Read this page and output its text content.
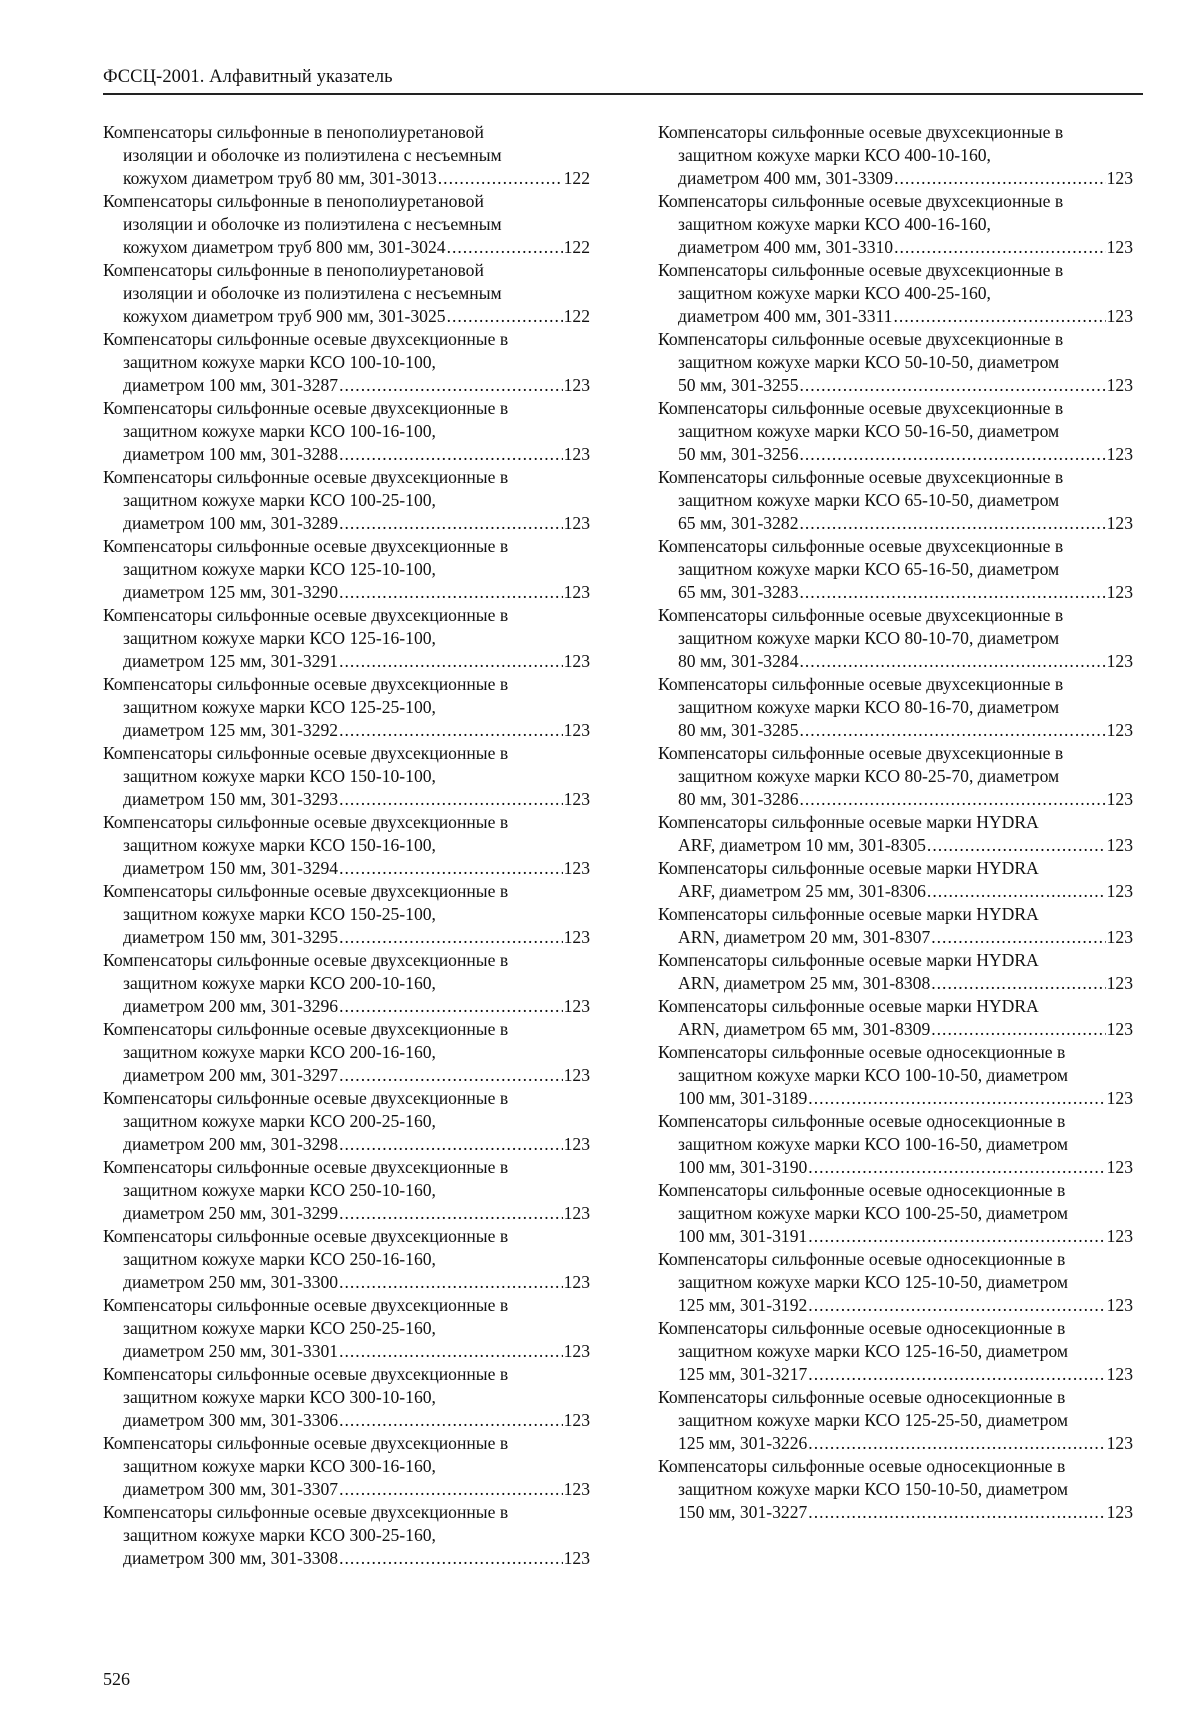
ФССЦ-2001. Алфавитный указатель
Компенсаторы сильфонные в пенополиуретановой
изоляции и оболочке из полиэтилена с несъемным
кожухом диаметром труб 80 мм, 301-3013 .....	122
Компенсаторы сильфонные в пенополиуретановой
изоляции и оболочке из полиэтилена с несъемным
кожухом диаметром труб 800 мм, 301-3024 .....	122
Компенсаторы сильфонные в пенополиуретановой
изоляции и оболочке из полиэтилена с несъемным
кожухом диаметром труб 900 мм, 301-3025 .....	122
Компенсаторы сильфонные осевые двухсекционные в
защитном кожухе марки КСО 100-10-100,
диаметром 100 мм, 301-3287 .....	123
Компенсаторы сильфонные осевые двухсекционные в
защитном кожухе марки КСО 100-16-100,
диаметром 100 мм, 301-3288 .....	123
Компенсаторы сильфонные осевые двухсекционные в
защитном кожухе марки КСО 100-25-100,
диаметром 100 мм, 301-3289 .....	123
Компенсаторы сильфонные осевые двухсекционные в
защитном кожухе марки КСО 125-10-100,
диаметром 125 мм, 301-3290 .....	123
Компенсаторы сильфонные осевые двухсекционные в
защитном кожухе марки КСО 125-16-100,
диаметром 125 мм, 301-3291 .....	123
Компенсаторы сильфонные осевые двухсекционные в
защитном кожухе марки КСО 125-25-100,
диаметром 125 мм, 301-3292 .....	123
Компенсаторы сильфонные осевые двухсекционные в
защитном кожухе марки КСО 150-10-100,
диаметром 150 мм, 301-3293 .....	123
Компенсаторы сильфонные осевые двухсекционные в
защитном кожухе марки КСО 150-16-100,
диаметром 150 мм, 301-3294 .....	123
Компенсаторы сильфонные осевые двухсекционные в
защитном кожухе марки КСО 150-25-100,
диаметром 150 мм, 301-3295 .....	123
Компенсаторы сильфонные осевые двухсекционные в
защитном кожухе марки КСО 200-10-160,
диаметром 200 мм, 301-3296 .....	123
Компенсаторы сильфонные осевые двухсекционные в
защитном кожухе марки КСО 200-16-160,
диаметром 200 мм, 301-3297 .....	123
Компенсаторы сильфонные осевые двухсекционные в
защитном кожухе марки КСО 200-25-160,
диаметром 200 мм, 301-3298 .....	123
Компенсаторы сильфонные осевые двухсекционные в
защитном кожухе марки КСО 250-10-160,
диаметром 250 мм, 301-3299 .....	123
Компенсаторы сильфонные осевые двухсекционные в
защитном кожухе марки КСО 250-16-160,
диаметром 250 мм, 301-3300 .....	123
Компенсаторы сильфонные осевые двухсекционные в
защитном кожухе марки КСО 250-25-160,
диаметром 250 мм, 301-3301 .....	123
Компенсаторы сильфонные осевые двухсекционные в
защитном кожухе марки КСО 300-10-160,
диаметром 300 мм, 301-3306 .....	123
Компенсаторы сильфонные осевые двухсекционные в
защитном кожухе марки КСО 300-16-160,
диаметром 300 мм, 301-3307 .....	123
Компенсаторы сильфонные осевые двухсекционные в
защитном кожухе марки КСО 300-25-160,
диаметром 300 мм, 301-3308 .....	123
Компенсаторы сильфонные осевые двухсекционные в
защитном кожухе марки КСО 400-10-160,
диаметром 400 мм, 301-3309 .....	123
Компенсаторы сильфонные осевые двухсекционные в
защитном кожухе марки КСО 400-16-160,
диаметром 400 мм, 301-3310 .....	123
Компенсаторы сильфонные осевые двухсекционные в
защитном кожухе марки КСО 400-25-160,
диаметром 400 мм, 301-3311 .....	123
Компенсаторы сильфонные осевые двухсекционные в
защитном кожухе марки КСО 50-10-50, диаметром
50 мм, 301-3255 .....	123
Компенсаторы сильфонные осевые двухсекционные в
защитном кожухе марки КСО 50-16-50, диаметром
50 мм, 301-3256 .....	123
Компенсаторы сильфонные осевые двухсекционные в
защитном кожухе марки КСО 65-10-50, диаметром
65 мм, 301-3282 .....	123
Компенсаторы сильфонные осевые двухсекционные в
защитном кожухе марки КСО 65-16-50, диаметром
65 мм, 301-3283 .....	123
Компенсаторы сильфонные осевые двухсекционные в
защитном кожухе марки КСО 80-10-70, диаметром
80 мм, 301-3284 .....	123
Компенсаторы сильфонные осевые двухсекционные в
защитном кожухе марки КСО 80-16-70, диаметром
80 мм, 301-3285 .....	123
Компенсаторы сильфонные осевые двухсекционные в
защитном кожухе марки КСО 80-25-70, диаметром
80 мм, 301-3286 .....	123
Компенсаторы сильфонные осевые марки HYDRA
ARF, диаметром 10 мм, 301-8305 .....	123
Компенсаторы сильфонные осевые марки HYDRA
ARF, диаметром 25 мм, 301-8306 .....	123
Компенсаторы сильфонные осевые марки HYDRA
ARN, диаметром 20 мм, 301-8307 .....	123
Компенсаторы сильфонные осевые марки HYDRA
ARN, диаметром 25 мм, 301-8308 .....	123
Компенсаторы сильфонные осевые марки HYDRA
ARN, диаметром 65 мм, 301-8309 .....	123
Компенсаторы сильфонные осевые односекционные в
защитном кожухе марки КСО 100-10-50, диаметром
100 мм, 301-3189 .....	123
Компенсаторы сильфонные осевые односекционные в
защитном кожухе марки КСО 100-16-50, диаметром
100 мм, 301-3190 .....	123
Компенсаторы сильфонные осевые односекционные в
защитном кожухе марки КСО 100-25-50, диаметром
100 мм, 301-3191 .....	123
Компенсаторы сильфонные осевые односекционные в
защитном кожухе марки КСО 125-10-50, диаметром
125 мм, 301-3192 .....	123
Компенсаторы сильфонные осевые односекционные в
защитном кожухе марки КСО 125-16-50, диаметром
125 мм, 301-3217 .....	123
Компенсаторы сильфонные осевые односекционные в
защитном кожухе марки КСО 125-25-50, диаметром
125 мм, 301-3226 .....	123
Компенсаторы сильфонные осевые односекционные в
защитном кожухе марки КСО 150-10-50, диаметром
150 мм, 301-3227 .....	123
526
